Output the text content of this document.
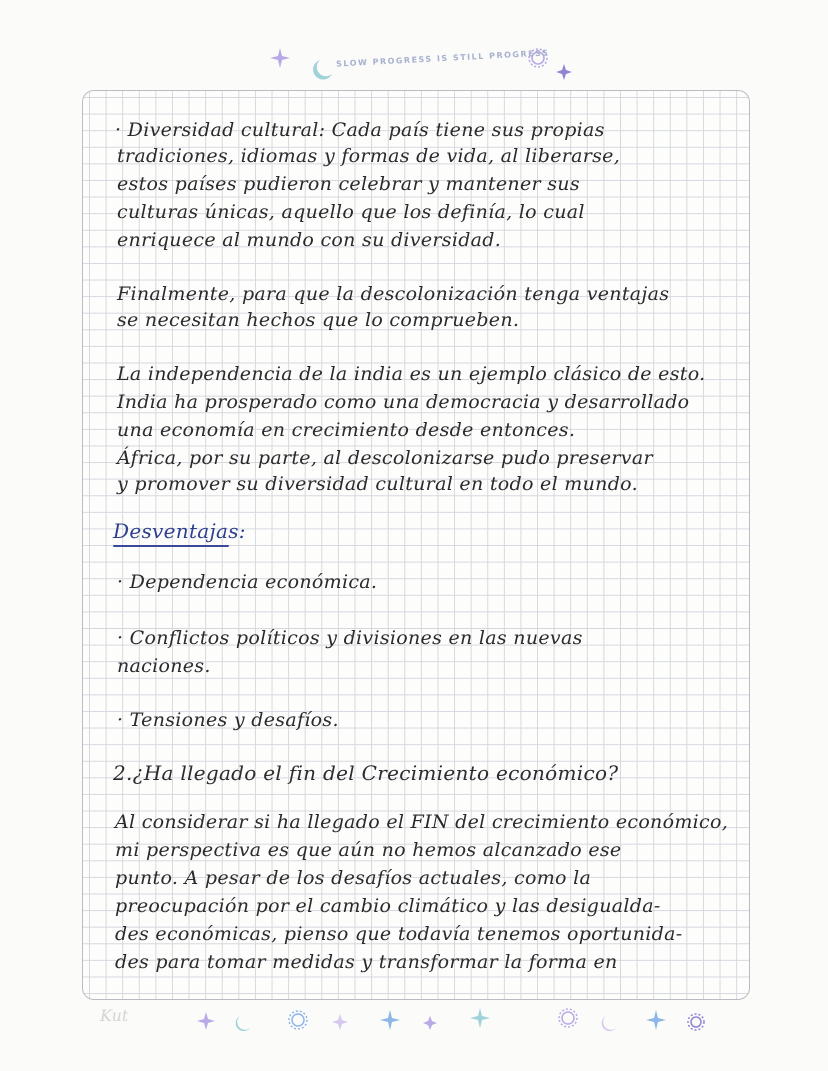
SLOW PROGRESS IS STILL PROGRESS
· Diversidad cultural: Cada país tiene sus propias
tradiciones, idiomas y formas de vida, al liberarse,
estos países pudieron celebrar y mantener sus
culturas únicas, aquello que los definía, lo cual
enriquece al mundo con su diversidad.
Finalmente, para que la descolonización tenga ventajas
se necesitan hechos que lo comprueben.
La independencia de la india es un ejemplo clásico de esto.
India ha prosperado como una democracia y desarrollado
una economía en crecimiento desde entonces.
África, por su parte, al descolonizarse pudo preservar
y promover su diversidad cultural en todo el mundo.
Desventajas:
· Dependencia económica.
· Conflictos políticos y divisiones en las nuevas
naciones.
· Tensiones y desafíos.
2.¿Ha llegado el fin del Crecimiento económico?
Al considerar si ha llegado el FIN del crecimiento económico,
mi perspectiva es que aún no hemos alcanzado ese
punto. A pesar de los desafíos actuales, como la
preocupación por el cambio climático y las desigualda-
des económicas, pienso que todavía tenemos oportunida-
des para tomar medidas y transformar la forma en
Kut
